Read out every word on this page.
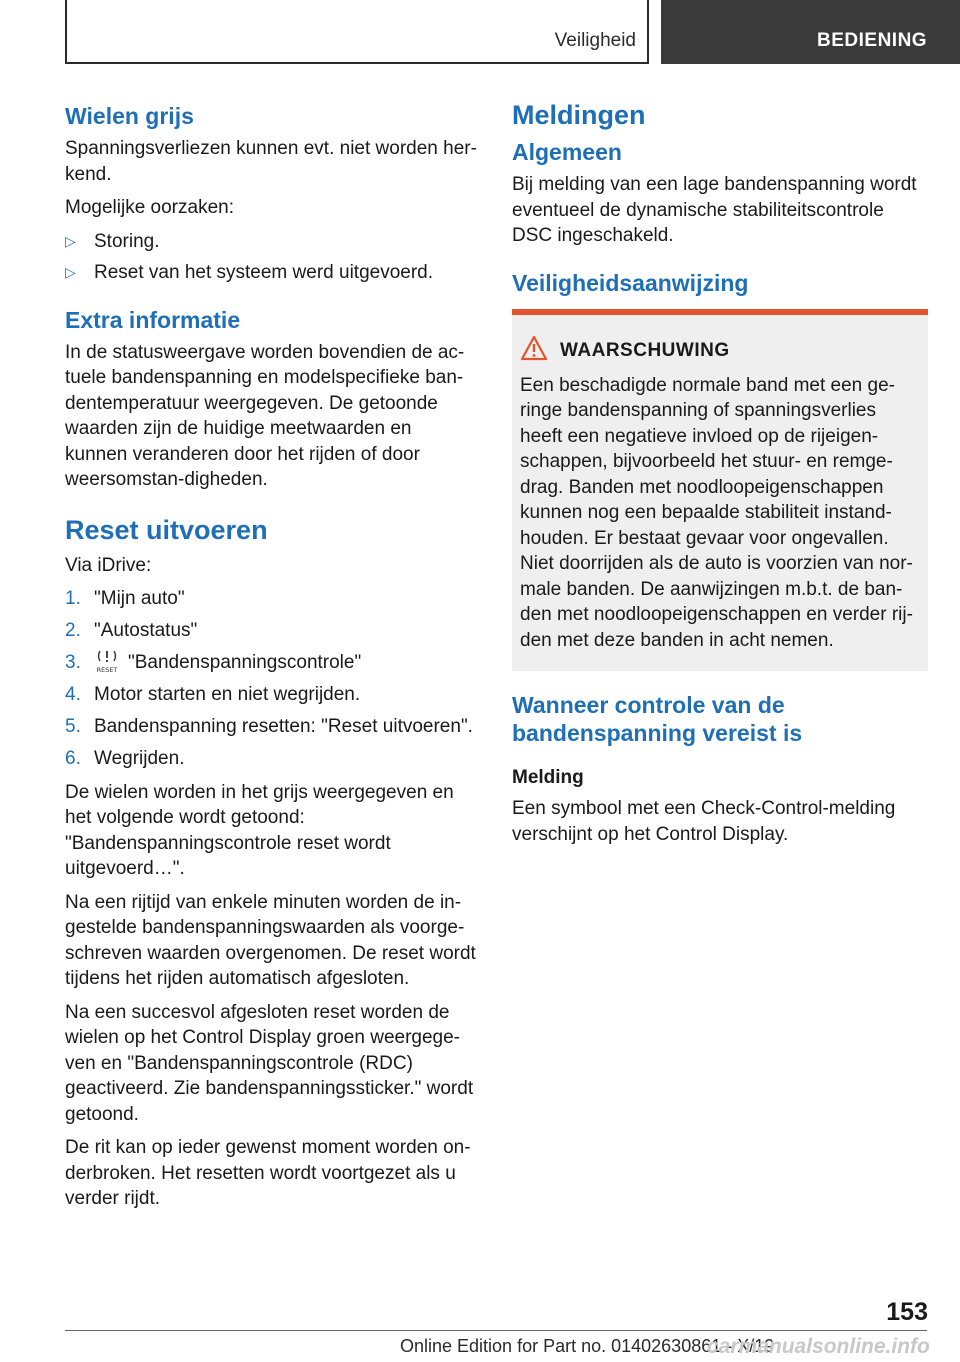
Veiligheid	BEDIENING
Wielen grijs

Spanningsverliezen kunnen evt. niet worden her-kend.

Mogelijke oorzaken:

▷ Storing.
▷ Reset van het systeem werd uitgevoerd.
Extra informatie

In de statusweergave worden bovendien de ac-tuele bandenspanning en modelspecifieke ban-dentemperatuur weergegeven. De getoonde waarden zijn de huidige meetwaarden en kunnen veranderen door het rijden of door weersomstan-digheden.

Reset uitvoeren

Via iDrive:

1. "Mijn auto"
2. "Autostatus"
3. RESET "Bandenspanningscontrole"
4. Motor starten en niet wegrijden.
5. Bandenspanning resetten: "Reset uitvoeren".
6. Wegrijden.

De wielen worden in het grijs weergegeven en het volgende wordt getoond: "Bandenspanningscontrole reset wordt uitgevoerd…".

Na een rijtijd van enkele minuten worden de in-gestelde bandenspanningswaarden als voorge-schreven waarden overgenomen. De reset wordt tijdens het rijden automatisch afgesloten.

Na een succesvol afgesloten reset worden de wielen op het Control Display groen weergege-ven en "Bandenspanningscontrole (RDC) geactiveerd. Zie bandenspanningssticker." wordt getoond.

De rit kan op ieder gewenst moment worden on-derbroken. Het resetten wordt voortgezet als u verder rijdt.

Meldingen
Algemeen

Bij melding van een lage bandenspanning wordt eventueel de dynamische stabiliteitscontrole DSC ingeschakeld.

Veiligheidsaanwijzing
WAARSCHUWING

Een beschadigde normale band met een ge-ringe bandenspanning of spanningsverlies heeft een negatieve invloed op de rijeigen-schappen, bijvoorbeeld het stuur- en remge-drag. Banden met noodloopeigenschappen kunnen nog een bepaalde stabiliteit instand-houden. Er bestaat gevaar voor ongevallen. Niet doorrijden als de auto is voorzien van nor-male banden. De aanwijzingen m.b.t. de ban-den met noodloopeigenschappen en verder rij-den met deze banden in acht nemen.

Wanneer controle van de bandenspanning vereist is
Melding

Een symbool met een Check-Control-melding verschijnt op het Control Display.

153
Online Edition for Part no. 01402630861 - X/19
carmanualsonline.info
